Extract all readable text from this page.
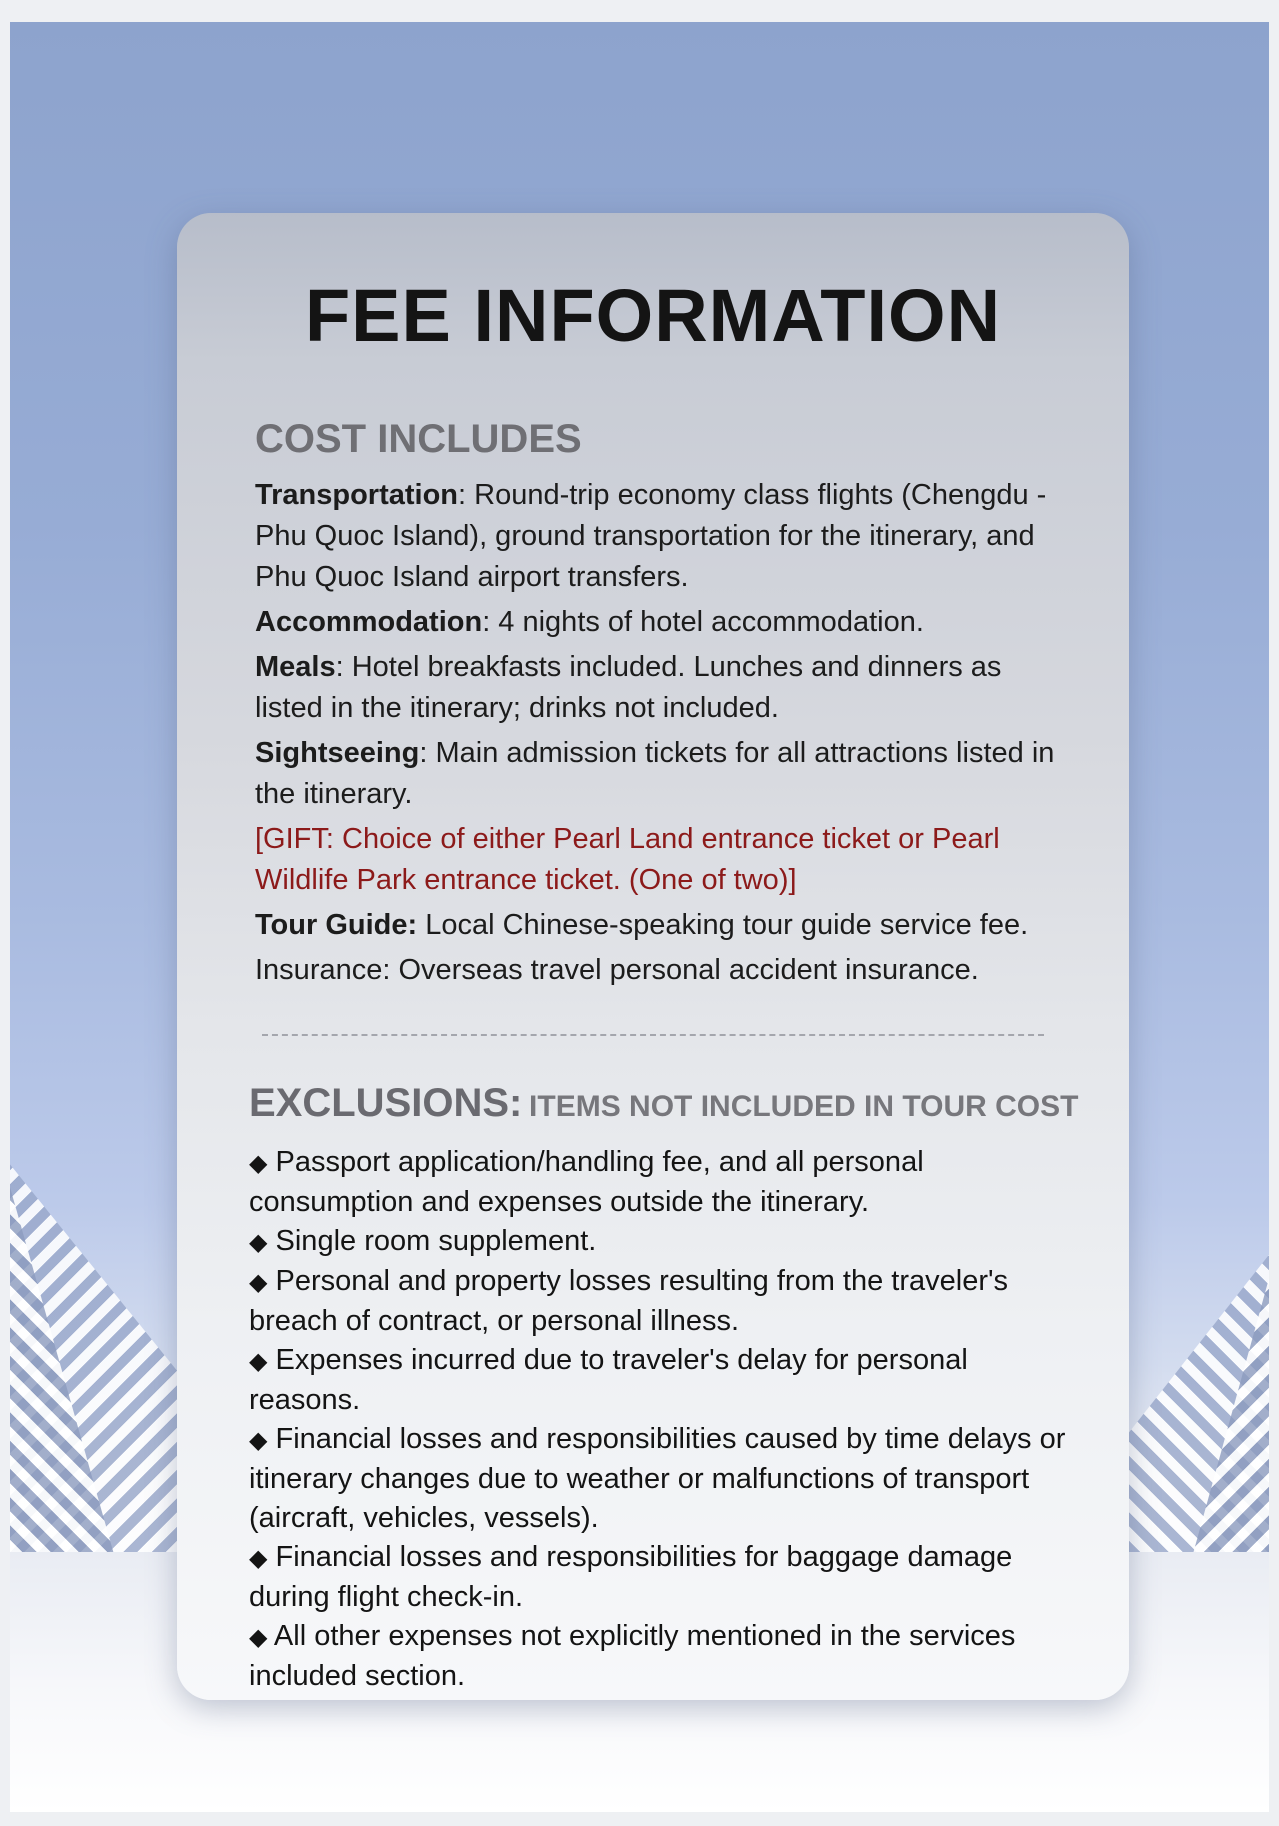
FEE INFORMATION
COST INCLUDES

Transportation: Round-trip economy class flights (Chengdu - Phu Quoc Island), ground transportation for the itinerary, and Phu Quoc Island airport transfers.

Accommodation: 4 nights of hotel accommodation.

Meals: Hotel breakfasts included. Lunches and dinners as listed in the itinerary; drinks not included.

Sightseeing: Main admission tickets for all attractions listed in the itinerary.

[GIFT: Choice of either Pearl Land entrance ticket or Pearl Wildlife Park entrance ticket. (One of two)]

Tour Guide: Local Chinese-speaking tour guide service fee.

Insurance: Overseas travel personal accident insurance.

EXCLUSIONS: ITEMS NOT INCLUDED IN TOUR COST
◆ Passport application/handling fee, and all personal consumption and expenses outside the itinerary.
◆ Single room supplement.
◆ Personal and property losses resulting from the traveler's breach of contract, or personal illness.
◆ Expenses incurred due to traveler's delay for personal reasons.
◆ Financial losses and responsibilities caused by time delays or itinerary changes due to weather or malfunctions of transport (aircraft, vehicles, vessels).
◆ Financial losses and responsibilities for baggage damage during flight check-in.
◆ All other expenses not explicitly mentioned in the services included section.
